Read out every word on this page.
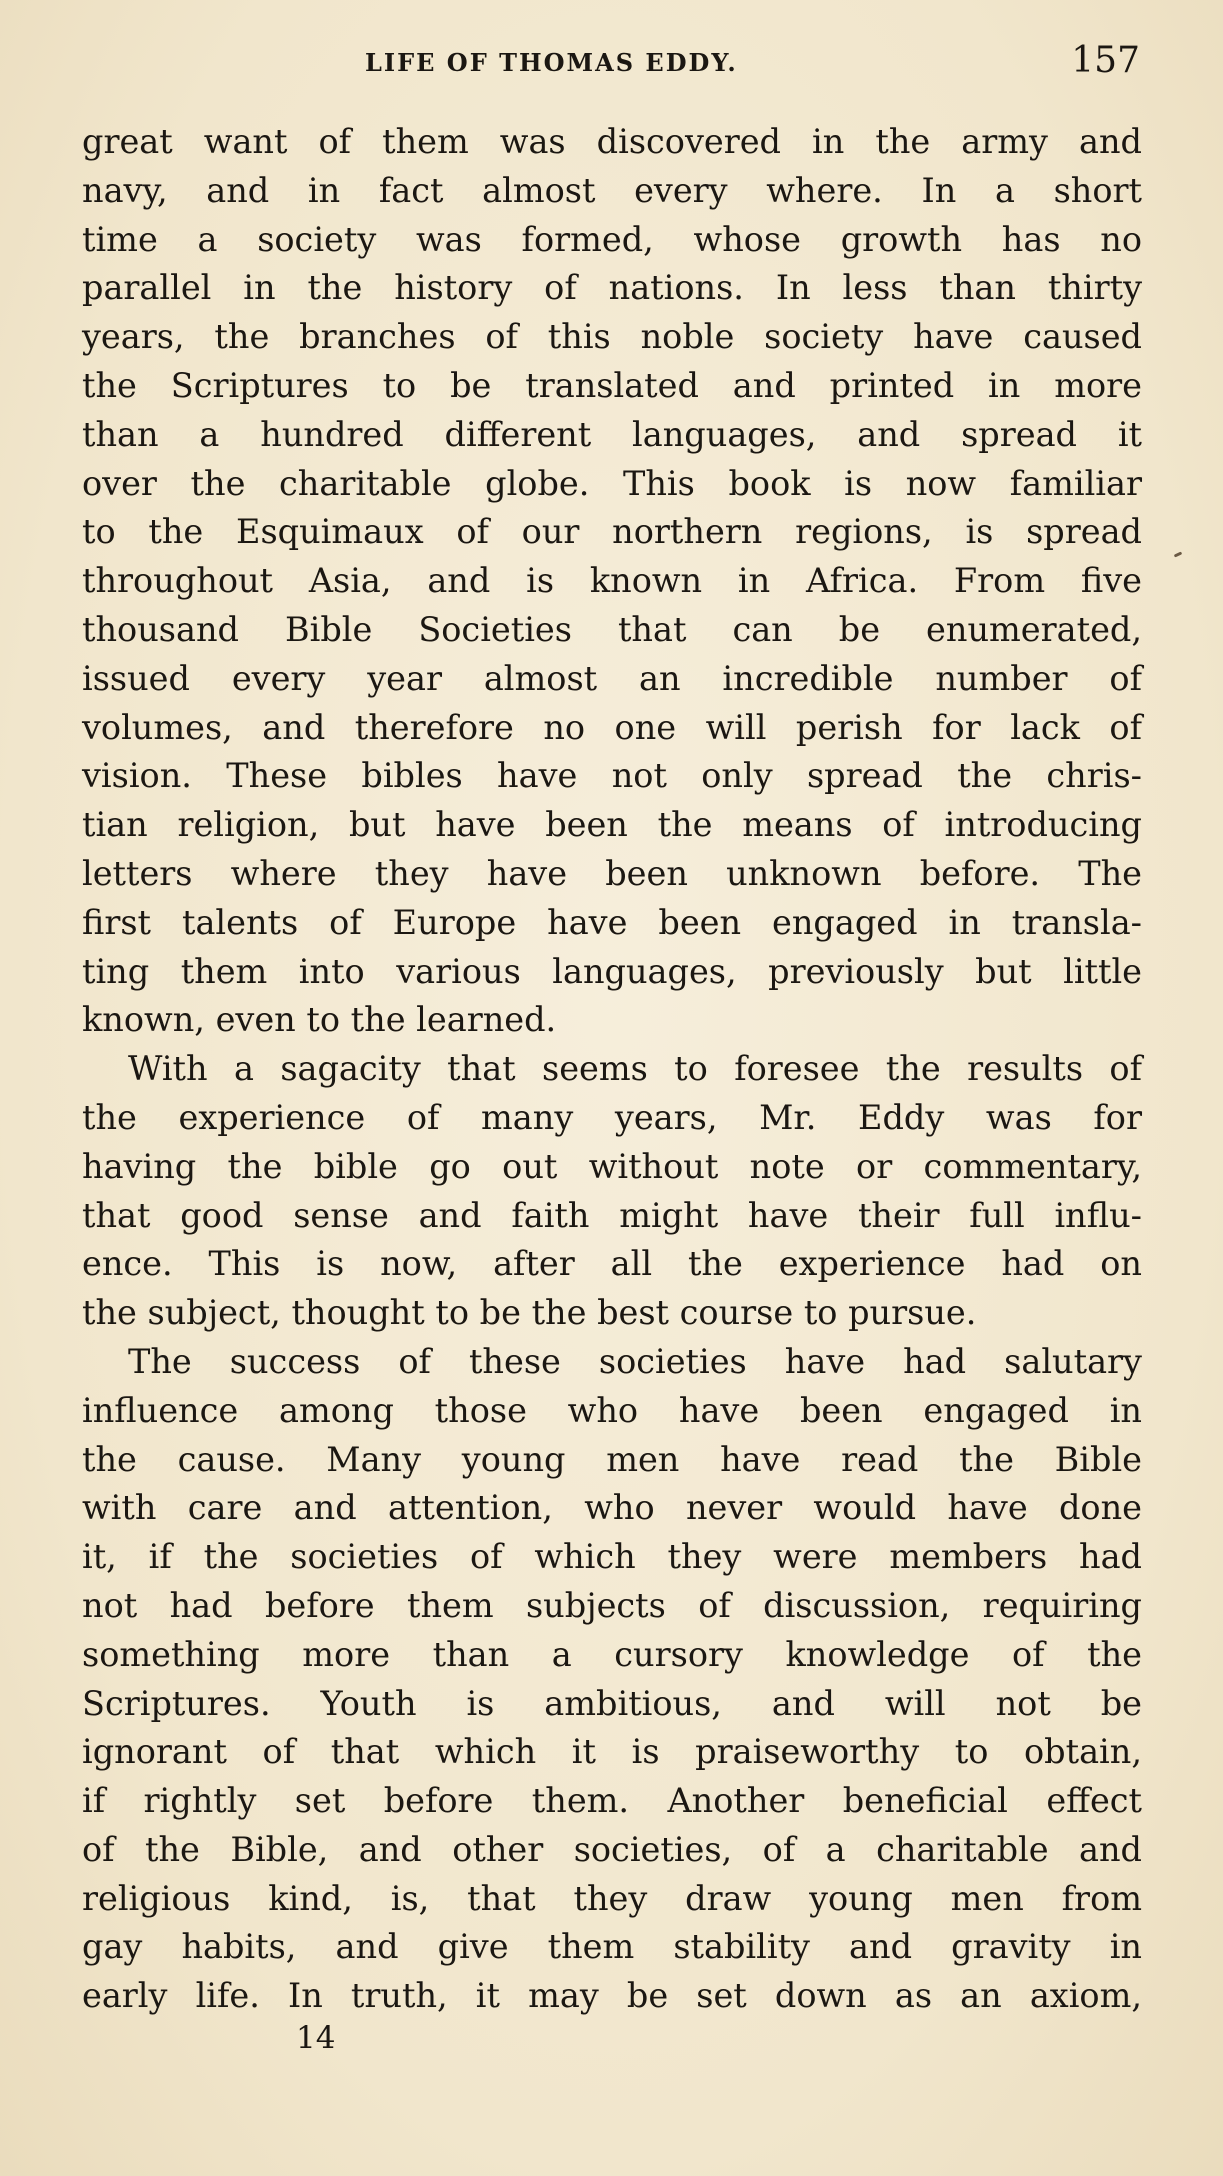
LIFE OF THOMAS EDDY.	157
great want of them was discovered in the army and
navy, and in fact almost every where. In a short
time a society was formed, whose growth has no
parallel in the history of nations. In less than thirty
years, the branches of this noble society have caused
the Scriptures to be translated and printed in more
than a hundred different languages, and spread it
over the charitable globe. This book is now familiar
to the Esquimaux of our northern regions, is spread
throughout Asia, and is known in Africa. From five
thousand Bible Societies that can be enumerated,
issued every year almost an incredible number of
volumes, and therefore no one will perish for lack of
vision. These bibles have not only spread the chris-
tian religion, but have been the means of introducing
letters where they have been unknown before. The
first talents of Europe have been engaged in transla-
ting them into various languages, previously but little
known, even to the learned.
With a sagacity that seems to foresee the results of
the experience of many years, Mr. Eddy was for
having the bible go out without note or commentary,
that good sense and faith might have their full influ-
ence. This is now, after all the experience had on
the subject, thought to be the best course to pursue.
The success of these societies have had salutary
influence among those who have been engaged in
the cause. Many young men have read the Bible
with care and attention, who never would have done
it, if the societies of which they were members had
not had before them subjects of discussion, requiring
something more than a cursory knowledge of the
Scriptures. Youth is ambitious, and will not be
ignorant of that which it is praiseworthy to obtain,
if rightly set before them. Another beneficial effect
of the Bible, and other societies, of a charitable and
religious kind, is, that they draw young men from
gay habits, and give them stability and gravity in
early life. In truth, it may be set down as an axiom,
14
